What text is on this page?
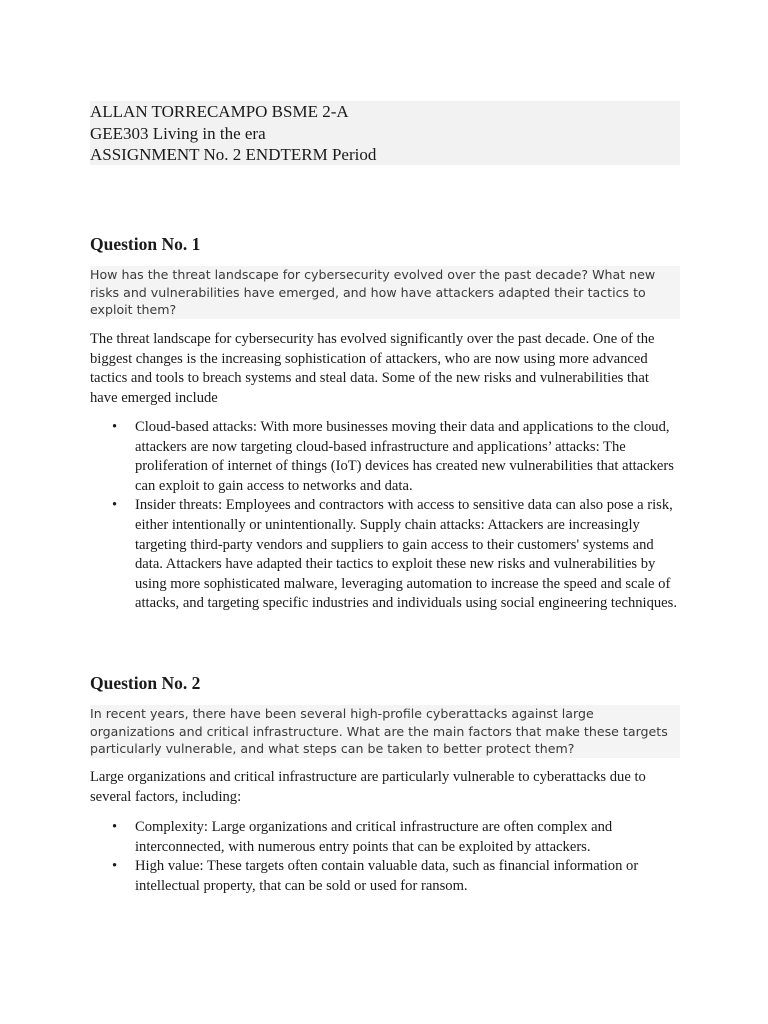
ALLAN TORRECAMPO BSME 2-A
GEE303 Living in the era
ASSIGNMENT No. 2 ENDTERM Period
Question No. 1
How has the threat landscape for cybersecurity evolved over the past decade? What new risks and vulnerabilities have emerged, and how have attackers adapted their tactics to exploit them?
The threat landscape for cybersecurity has evolved significantly over the past decade. One of the biggest changes is the increasing sophistication of attackers, who are now using more advanced tactics and tools to breach systems and steal data. Some of the new risks and vulnerabilities that have emerged include
• Cloud-based attacks: With more businesses moving their data and applications to the cloud, attackers are now targeting cloud-based infrastructure and applications’ attacks: The proliferation of internet of things (IoT) devices has created new vulnerabilities that attackers can exploit to gain access to networks and data.
• Insider threats: Employees and contractors with access to sensitive data can also pose a risk, either intentionally or unintentionally. Supply chain attacks: Attackers are increasingly targeting third-party vendors and suppliers to gain access to their customers' systems and data. Attackers have adapted their tactics to exploit these new risks and vulnerabilities by using more sophisticated malware, leveraging automation to increase the speed and scale of attacks, and targeting specific industries and individuals using social engineering techniques.
Question No. 2
In recent years, there have been several high-profile cyberattacks against large organizations and critical infrastructure. What are the main factors that make these targets particularly vulnerable, and what steps can be taken to better protect them?
Large organizations and critical infrastructure are particularly vulnerable to cyberattacks due to several factors, including:
• Complexity: Large organizations and critical infrastructure are often complex and interconnected, with numerous entry points that can be exploited by attackers.
• High value: These targets often contain valuable data, such as financial information or intellectual property, that can be sold or used for ransom.
